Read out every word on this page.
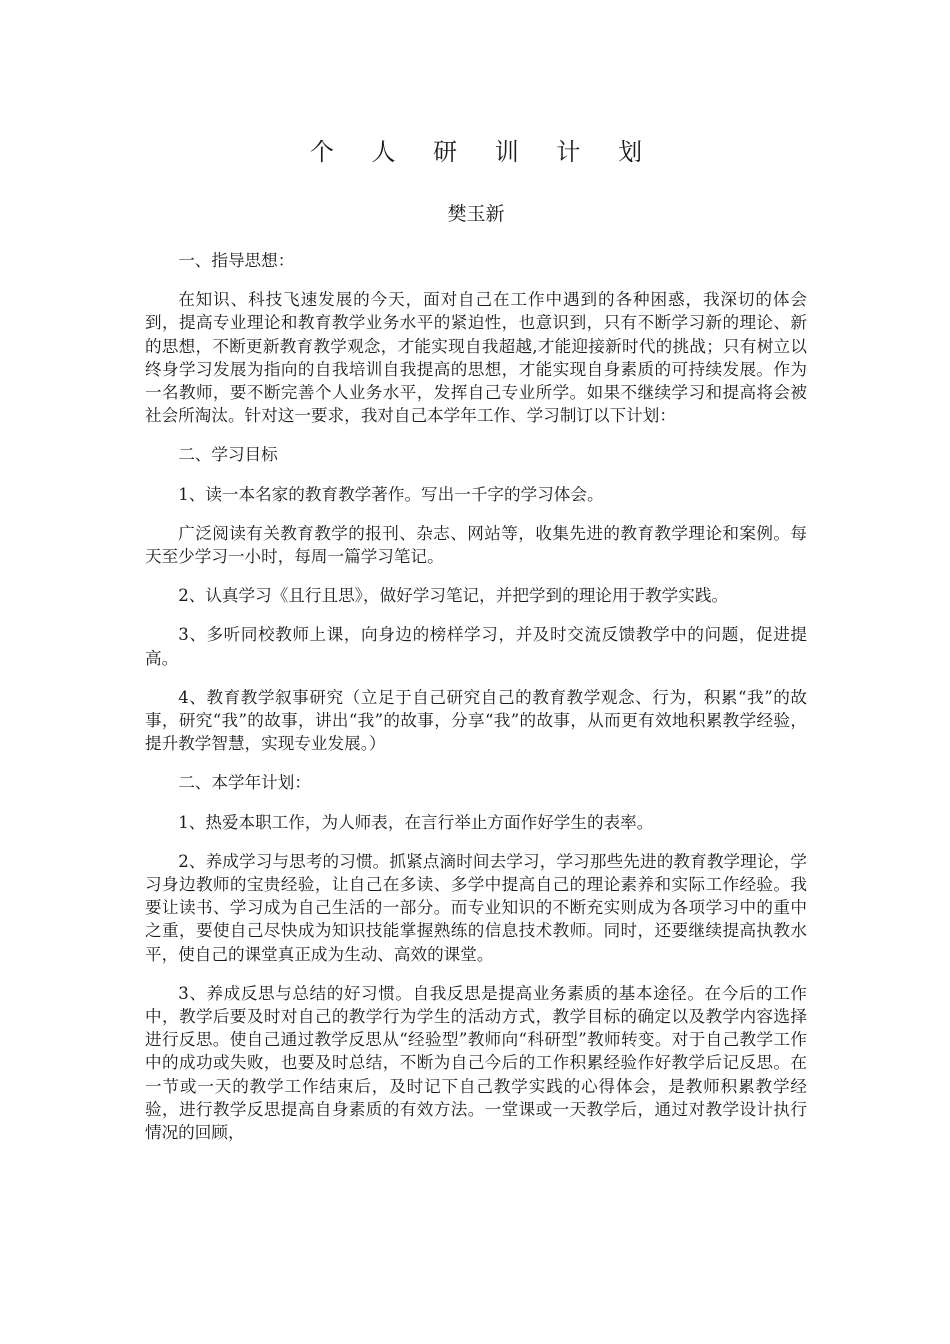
个 人 研 训 计 划
樊玉新

一、指导思想：

在知识、科技飞速发展的今天，面对自己在工作中遇到的各种困惑，我深切的体会到，提高专业理论和教育教学业务水平的紧迫性，也意识到，只有不断学习新的理论、新的思想，不断更新教育教学观念，才能实现自我超越,才能迎接新时代的挑战；只有树立以终身学习发展为指向的自我培训自我提高的思想，才能实现自身素质的可持续发展。作为一名教师，要不断完善个人业务水平，发挥自己专业所学。如果不继续学习和提高将会被社会所淘汰。针对这一要求，我对自己本学年工作、学习制订以下计划：

二、学习目标

1、读一本名家的教育教学著作。写出一千字的学习体会。

广泛阅读有关教育教学的报刊、杂志、网站等，收集先进的教育教学理论和案例。每天至少学习一小时，每周一篇学习笔记。

2、认真学习《且行且思》，做好学习笔记，并把学到的理论用于教学实践。

3、多听同校教师上课，向身边的榜样学习，并及时交流反馈教学中的问题，促进提高。

4、教育教学叙事研究（立足于自己研究自己的教育教学观念、行为，积累“我”的故事，研究“我”的故事，讲出“我”的故事，分享“我”的故事，从而更有效地积累教学经验，提升教学智慧，实现专业发展。）

二、本学年计划：

1、热爱本职工作，为人师表，在言行举止方面作好学生的表率。

2、养成学习与思考的习惯。抓紧点滴时间去学习，学习那些先进的教育教学理论，学习身边教师的宝贵经验，让自己在多读、多学中提高自己的理论素养和实际工作经验。我要让读书、学习成为自己生活的一部分。而专业知识的不断充实则成为各项学习中的重中之重，要使自己尽快成为知识技能掌握熟练的信息技术教师。同时，还要继续提高执教水平，使自己的课堂真正成为生动、高效的课堂。

3、养成反思与总结的好习惯。自我反思是提高业务素质的基本途径。在今后的工作中，教学后要及时对自己的教学行为学生的活动方式，教学目标的确定以及教学内容选择进行反思。使自己通过教学反思从“经验型”教师向“科研型”教师转变。对于自己教学工作中的成功或失败，也要及时总结，不断为自己今后的工作积累经验作好教学后记反思。在一节或一天的教学工作结束后，及时记下自己教学实践的心得体会，是教师积累教学经验，进行教学反思提高自身素质的有效方法。一堂课或一天教学后，通过对教学设计执行情况的回顾，
